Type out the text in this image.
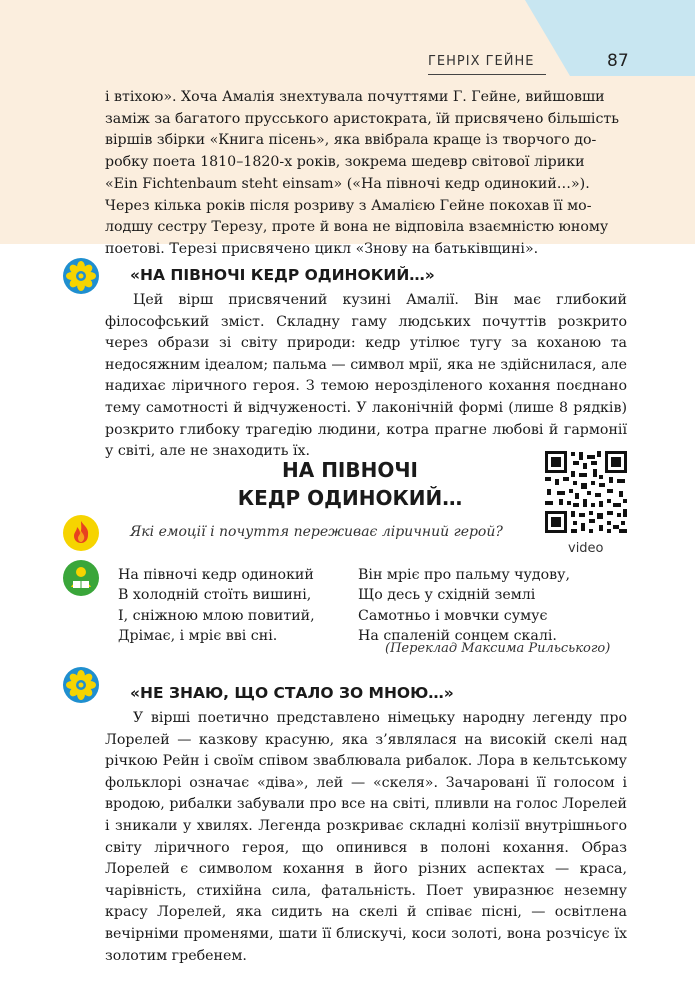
ГЕНРІХ ГЕЙНЕ	87

і втіхою». Хоча Амалія знехтувала почуттями Г. Гейне, вийшовши

заміж за багатого прусського аристократа, їй присвячено більшість

віршів збірки «Книга пісень», яка ввібрала краще із творчого до-

робку поета 1810–1820-х років, зокрема шедевр світової лірики

«Ein Fichtenbaum steht einsam» («На півночі кедр одинокий…»).

Через кілька років після розриву з Амалією Гейне покохав її мо-

лодшу сестру Терезу, проте й вона не відповіла взаємністю юному

поетові. Терезі присвячено цикл «Знову на батьківщині».

«НА ПІВНОЧІ КЕДР ОДИНОКИЙ…»

Цей вірш присвячений кузині Амалії. Він має глибокий філософський зміст. Складну гаму людських почуттів розкрито через образи зі світу природи: кедр утілює тугу за коханою та недосяжним ідеалом; пальма — символ мрії, яка не здійснилася, але надихає ліричного героя. З темою нерозділеного кохання поєднано тему самотності й відчуженості. У лаконічній формі (лише 8 рядків) розкрито глибоку трагедію людини, котра прагне любові й гармонії у світі, але не знаходить їх.

НА ПІВНОЧІ
КЕДР ОДИНОКИЙ…
video
Які емоції і почуття переживає ліричний герой?
На півночі кедр одинокий
В холодній стоїть вишині,
І, сніжною млою повитий,
Дрімає, і мріє вві сні.
Він мріє про пальму чудову,
Що десь у східній землі
Самотньо і мовчки сумує
На спаленій сонцем скалі.
(Переклад Максима Рильського)
«НЕ ЗНАЮ, ЩО СТАЛО ЗО МНОЮ…»

У вірші поетично представлено німецьку народну легенду про Лорелей — казкову красуню, яка з’являлася на високій скелі над річкою Рейн і своїм співом зваблювала рибалок. Лора в кельтському фольклорі означає «діва», лей — «скеля». Зачаровані її голосом і вродою, рибалки забували про все на світі, пливли на голос Лорелей і зникали у хвилях. Легенда розкриває складні колізії внутрішнього світу ліричного героя, що опинився в полоні кохання. Образ Лорелей є символом кохання в його різних аспектах — краса, чарівність, стихійна сила, фатальність. Поет увиразнює неземну красу Лорелей, яка сидить на скелі й співає пісні, — освітлена вечірніми променями, шати її блискучі, коси золоті, вона розчісує їх золотим гребенем.
